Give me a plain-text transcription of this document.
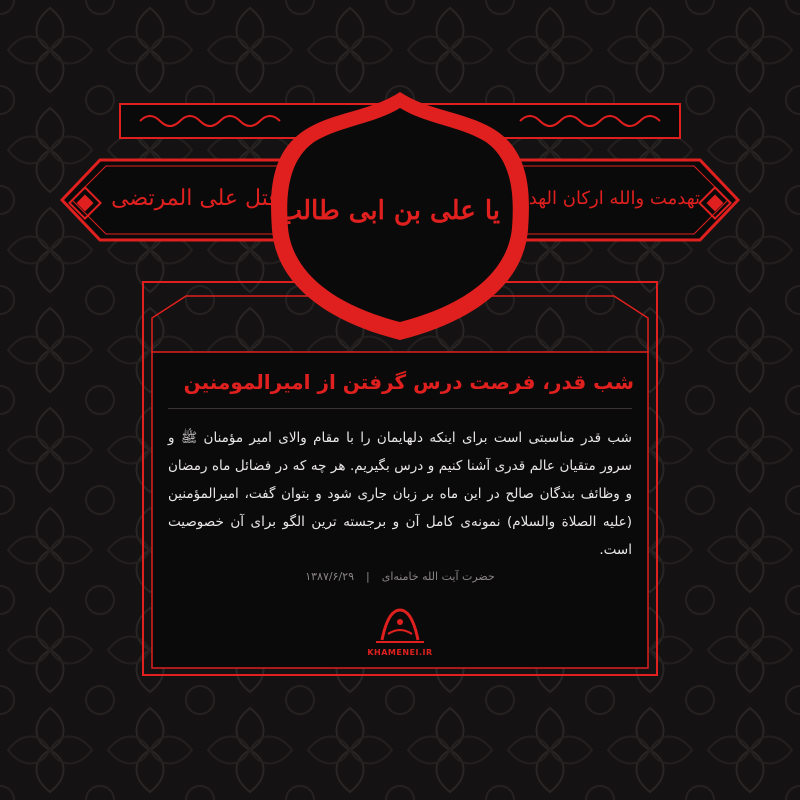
یا علی بن ابی طالب
قتل علی المرتضی	تهدمت والله ارکان الهدی
شب قدر، فرصت درس گرفتن از امیرالمومنین
شب قدر مناسبتی است برای اینکه دلهایمان را با مقام والای امیر مؤمنان ﷺ و سرور متقیان عالم قدری آشنا کنیم و درس بگیریم. هر چه که در فضائل ماه رمضان و وظائف بندگان صالح در این ماه بر زبان جاری شود و بتوان گفت، امیرالمؤمنین (علیه الصلاة والسلام) نمونه‌ی کامل آن و برجسته ترین الگو برای آن خصوصیت است.
حضرت آیت الله خامنه‌ای|۱۳۸۷/۶/۲۹
KHAMENEI.IR
